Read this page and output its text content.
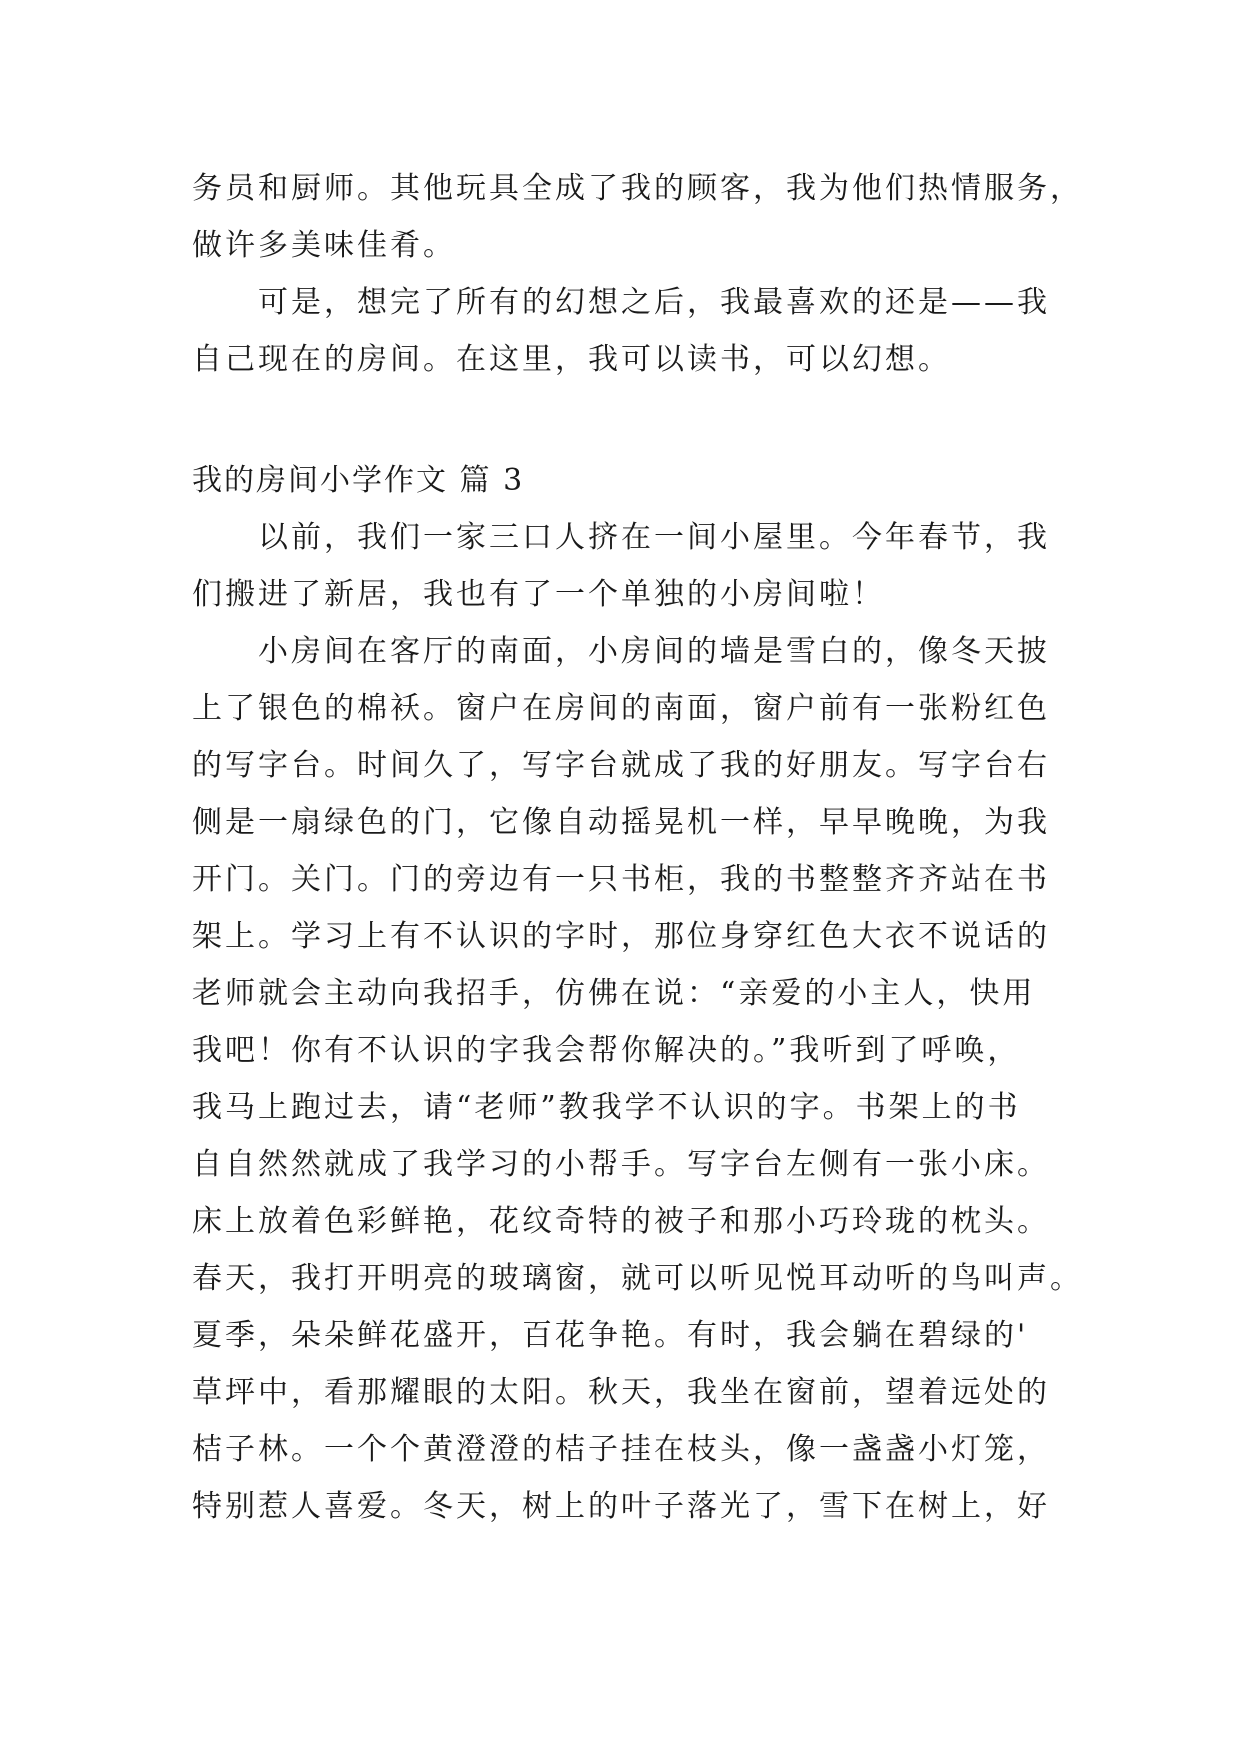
务员和厨师。其他玩具全成了我的顾客，我为他们热情服务，
做许多美味佳肴。
可是，想完了所有的幻想之后，我最喜欢的还是——我
自己现在的房间。在这里，我可以读书，可以幻想。
我的房间小学作文 篇 3
以前，我们一家三口人挤在一间小屋里。今年春节，我
们搬进了新居，我也有了一个单独的小房间啦！
小房间在客厅的南面，小房间的墙是雪白的，像冬天披
上了银色的棉袄。窗户在房间的南面，窗户前有一张粉红色
的写字台。时间久了，写字台就成了我的好朋友。写字台右
侧是一扇绿色的门，它像自动摇晃机一样，早早晚晚，为我
开门。关门。门的旁边有一只书柜，我的书整整齐齐站在书
架上。学习上有不认识的字时，那位身穿红色大衣不说话的
老师就会主动向我招手，仿佛在说：“亲爱的小主人，快用
我吧！你有不认识的字我会帮你解决的。”我听到了呼唤，
我马上跑过去，请“老师”教我学不认识的字。书架上的书
自自然然就成了我学习的小帮手。写字台左侧有一张小床。
床上放着色彩鲜艳，花纹奇特的被子和那小巧玲珑的枕头。
春天，我打开明亮的玻璃窗，就可以听见悦耳动听的鸟叫声。
夏季，朵朵鲜花盛开，百花争艳。有时，我会躺在碧绿的'
草坪中，看那耀眼的太阳。秋天，我坐在窗前，望着远处的
桔子林。一个个黄澄澄的桔子挂在枝头，像一盏盏小灯笼，
特别惹人喜爱。冬天，树上的叶子落光了，雪下在树上，好
